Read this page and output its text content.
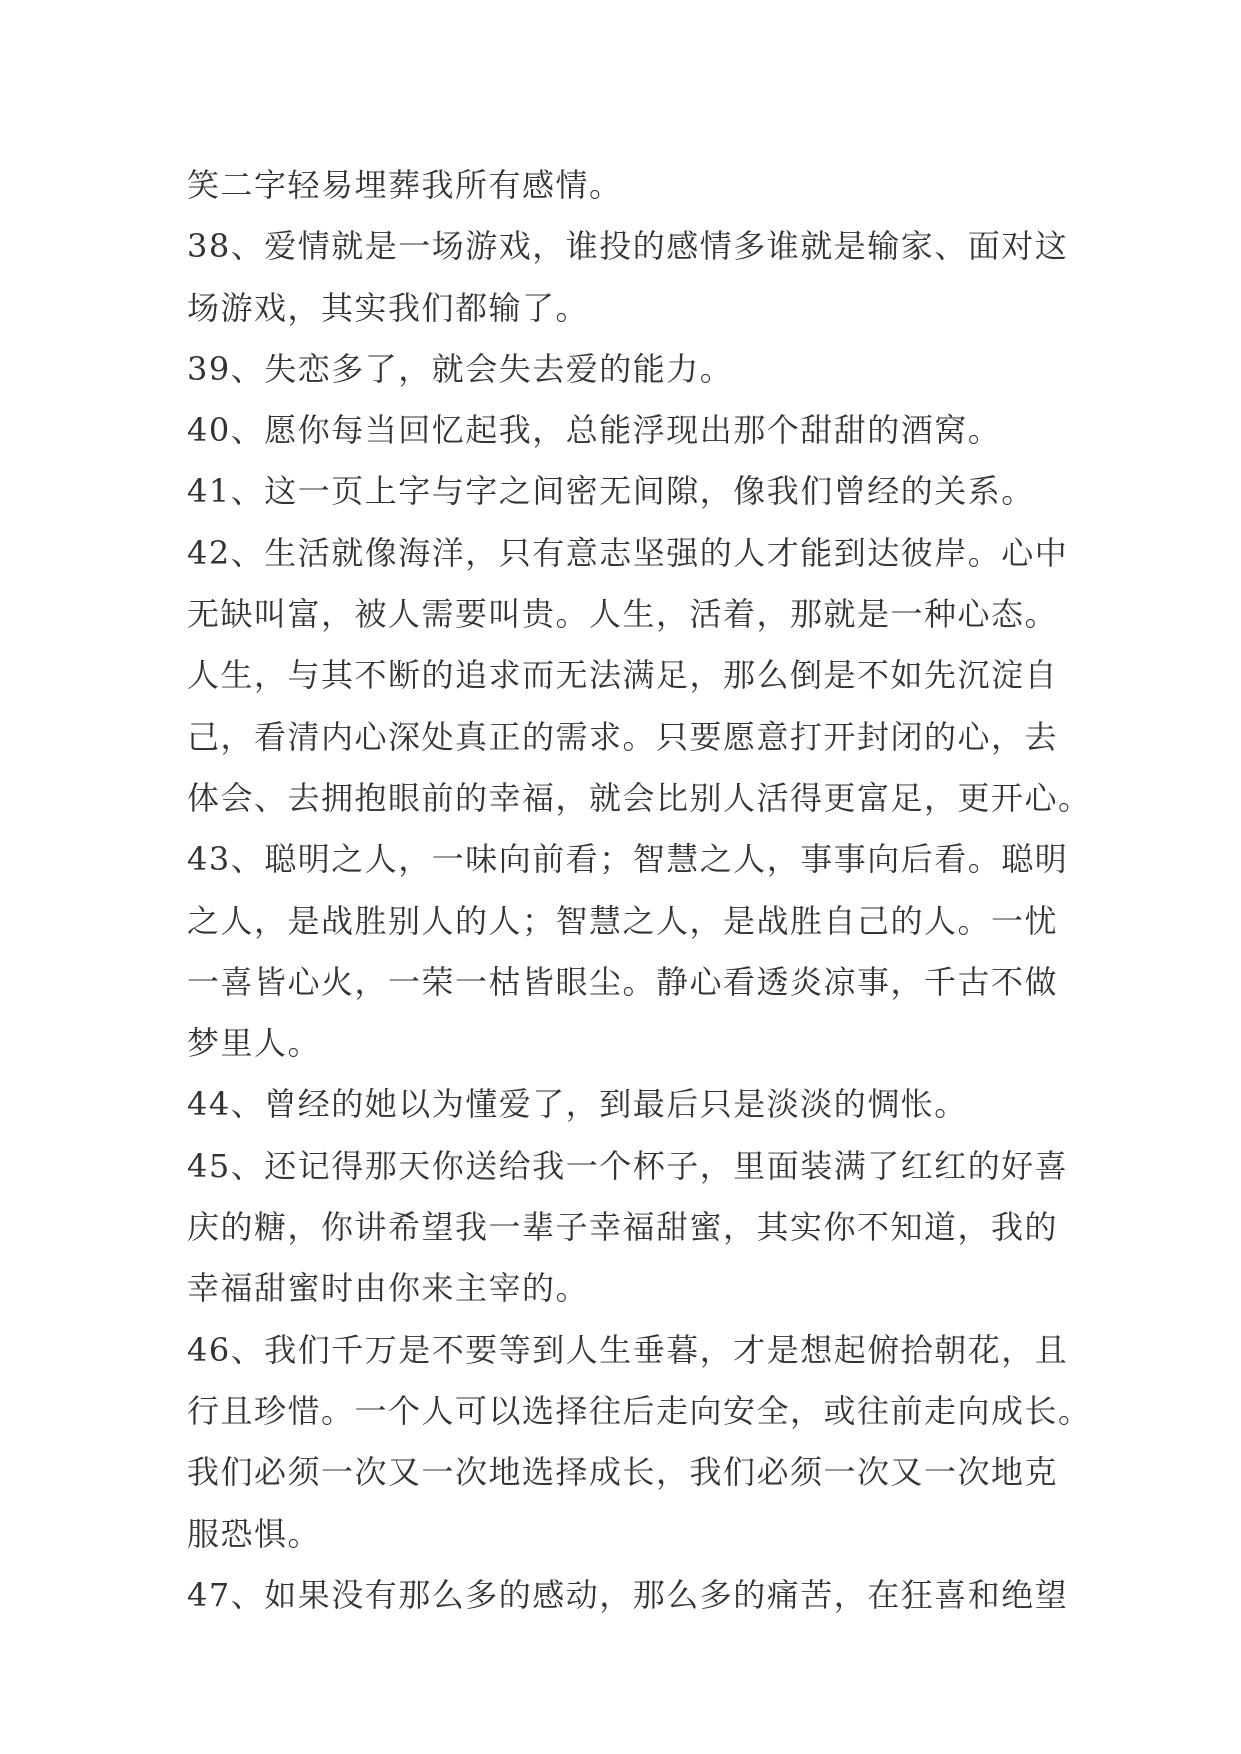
笑二字轻易埋葬我所有感情。
38、爱情就是一场游戏，谁投的感情多谁就是输家、面对这
场游戏，其实我们都输了。
39、失恋多了，就会失去爱的能力。
40、愿你每当回忆起我，总能浮现出那个甜甜的酒窝。
41、这一页上字与字之间密无间隙，像我们曾经的关系。
42、生活就像海洋，只有意志坚强的人才能到达彼岸。心中
无缺叫富，被人需要叫贵。人生，活着，那就是一种心态。
人生，与其不断的追求而无法满足，那么倒是不如先沉淀自
己，看清内心深处真正的需求。只要愿意打开封闭的心，去
体会、去拥抱眼前的幸福，就会比别人活得更富足，更开心。
43、聪明之人，一味向前看；智慧之人，事事向后看。聪明
之人，是战胜别人的人；智慧之人，是战胜自己的人。一忧
一喜皆心火，一荣一枯皆眼尘。静心看透炎凉事，千古不做
梦里人。
44、曾经的她以为懂爱了，到最后只是淡淡的惆怅。
45、还记得那天你送给我一个杯子，里面装满了红红的好喜
庆的糖，你讲希望我一辈子幸福甜蜜，其实你不知道，我的
幸福甜蜜时由你来主宰的。
46、我们千万是不要等到人生垂暮，才是想起俯拾朝花，且
行且珍惜。一个人可以选择往后走向安全，或往前走向成长。
我们必须一次又一次地选择成长，我们必须一次又一次地克
服恐惧。
47、如果没有那么多的感动，那么多的痛苦，在狂喜和绝望
